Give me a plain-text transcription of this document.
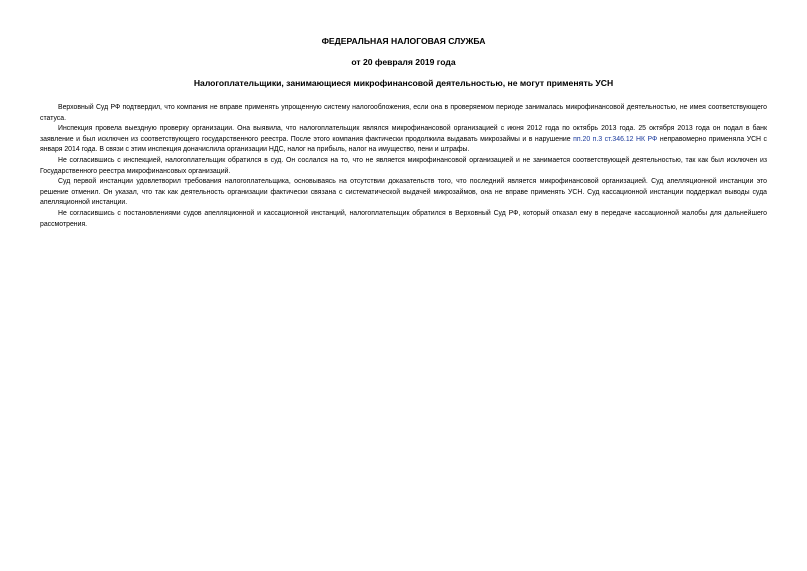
ФЕДЕРАЛЬНАЯ НАЛОГОВАЯ СЛУЖБА

от 20 февраля 2019 года

Налогоплательщики, занимающиеся микрофинансовой деятельностью, не могут применять УСН

Верховный Суд РФ подтвердил, что компания не вправе применять упрощенную систему налогообложения, если она в проверяемом периоде занималась микрофинансовой деятельностью, не имея соответствующего статуса.

Инспекция провела выездную проверку организации. Она выявила, что налогоплательщик являлся микрофинансовой организацией с июня 2012 года по октябрь 2013 года. 25 октября 2013 года он подал в банк заявление и был исключен из соответствующего государственного реестра. После этого компания фактически продолжила выдавать микрозаймы и в нарушение пп.20 п.3 ст.346.12 НК РФ неправомерно применяла УСН с января 2014 года. В связи с этим инспекция доначислила организации НДС, налог на прибыль, налог на имущество, пени и штрафы.

Не согласившись с инспекцией, налогоплательщик обратился в суд. Он сослался на то, что не является микрофинансовой организацией и не занимается соответствующей деятельностью, так как был исключен из Государственного реестра микрофинансовых организаций.

Суд первой инстанции удовлетворил требования налогоплательщика, основываясь на отсутствии доказательств того, что последний является микрофинансовой организацией. Суд апелляционной инстанции это решение отменил. Он указал, что так как деятельность организации фактически связана с систематической выдачей микрозаймов, она не вправе применять УСН. Суд кассационной инстанции поддержал выводы суда апелляционной инстанции.

Не согласившись с постановлениями судов апелляционной и кассационной инстанций, налогоплательщик обратился в Верховный Суд РФ, который отказал ему в передаче кассационной жалобы для дальнейшего рассмотрения.
